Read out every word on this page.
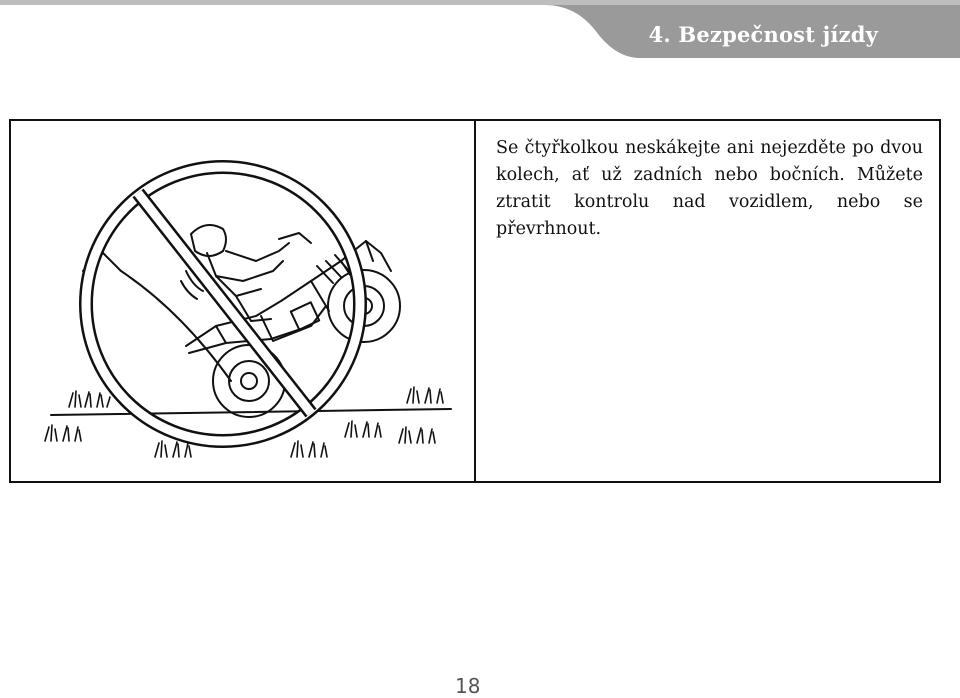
4. Bezpečnost jízdy

Se čtyřkolkou neskákejte ani nejezděte po dvou kolech, ať už zadních nebo bočních. Můžete ztratit kontrolu nad vozidlem, nebo se převrhnout.

18
